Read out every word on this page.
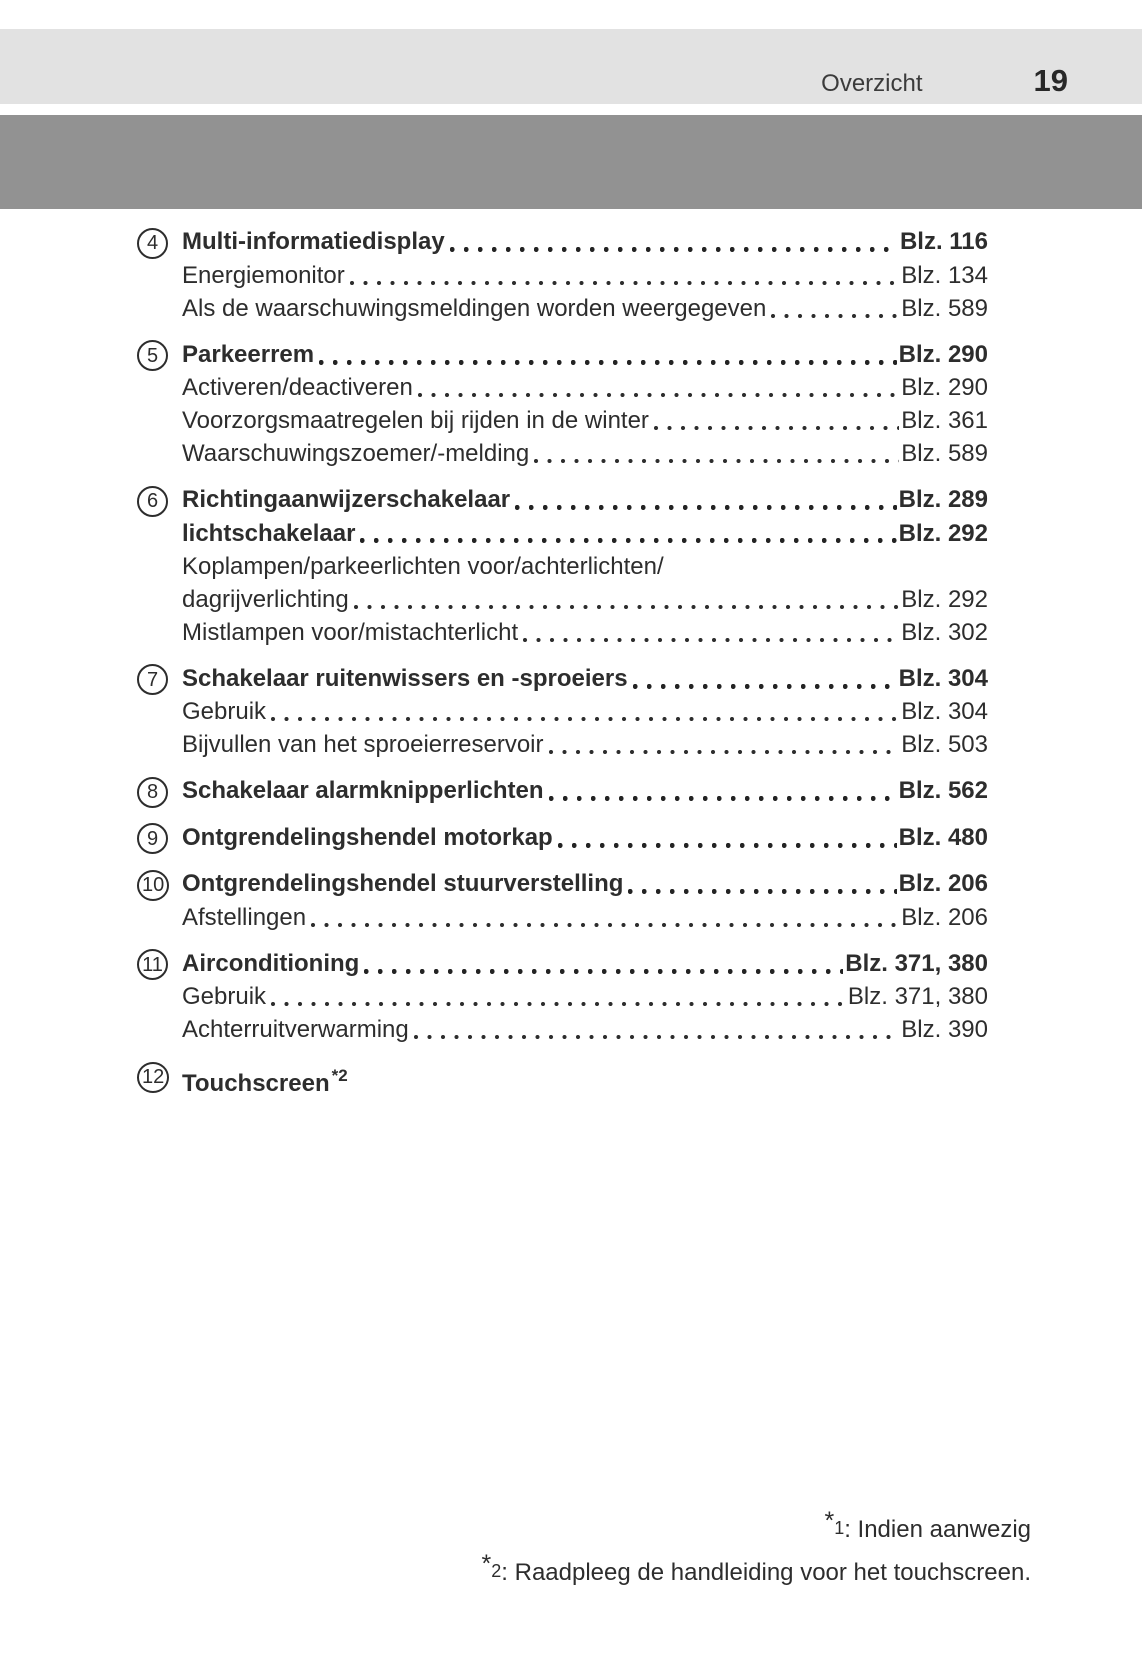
Overzicht	19
4 Multi-informatiedisplay	Blz. 116
Energiemonitor	Blz. 134
Als de waarschuwingsmeldingen worden weergegeven	Blz. 589
5 Parkeerrem	Blz. 290
Activeren/deactiveren	Blz. 290
Voorzorgsmaatregelen bij rijden in de winter	Blz. 361
Waarschuwingszoemer/-melding	Blz. 589
6 Richtingaanwijzerschakelaar	Blz. 289
lichtschakelaar	Blz. 292
Koplampen/parkeerlichten voor/achterlichten/
dagrijverlichting	Blz. 292
Mistlampen voor/mistachterlicht	Blz. 302
7 Schakelaar ruitenwissers en -sproeiers	Blz. 304
Gebruik	Blz. 304
Bijvullen van het sproeierreservoir	Blz. 503
8 Schakelaar alarmknipperlichten	Blz. 562
9 Ontgrendelingshendel motorkap	Blz. 480
10 Ontgrendelingshendel stuurverstelling	Blz. 206
Afstellingen	Blz. 206
11 Airconditioning	Blz. 371, 380
Gebruik	Blz. 371, 380
Achterruitverwarming	Blz. 390
12 Touchscreen $^{*2}$
*1: Indien aanwezig
*2: Raadpleeg de handleiding voor het touchscreen.
